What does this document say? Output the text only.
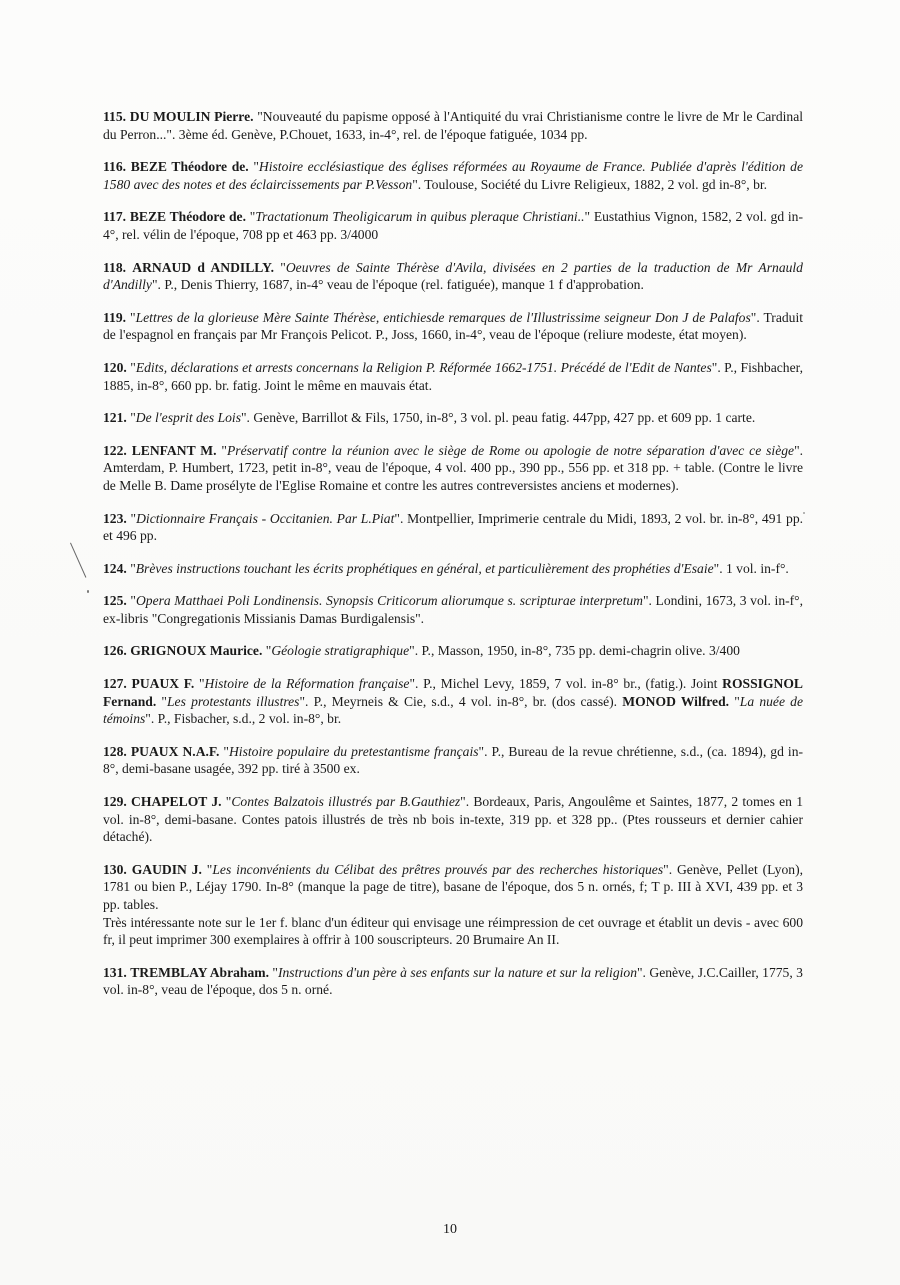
115. DU MOULIN Pierre. "Nouveauté du papisme opposé à l'Antiquité du vrai Christianisme contre le livre de Mr le Cardinal du Perron...". 3ème éd. Genève, P.Chouet, 1633, in-4°, rel. de l'époque fatiguée, 1034 pp.

116. BEZE Théodore de. "Histoire ecclésiastique des églises réformées au Royaume de France. Publiée d'après l'édition de 1580 avec des notes et des éclaircissements par P.Vesson". Toulouse, Société du Livre Religieux, 1882, 2 vol. gd in-8°, br.

117. BEZE Théodore de. "Tractationum Theoligicarum in quibus pleraque Christiani.." Eustathius Vignon, 1582, 2 vol. gd in-4°, rel. vélin de l'époque, 708 pp et 463 pp. 3/4000

118. ARNAUD d ANDILLY. "Oeuvres de Sainte Thérèse d'Avila, divisées en 2 parties de la traduction de Mr Arnauld d'Andilly". P., Denis Thierry, 1687, in-4° veau de l'époque (rel. fatiguée), manque 1 f d'approbation.

119. "Lettres de la glorieuse Mère Sainte Thérèse, entichiesde remarques de l'Illustrissime seigneur Don J de Palafos". Traduit de l'espagnol en français par Mr François Pelicot. P., Joss, 1660, in-4°, veau de l'époque (reliure modeste, état moyen).

120. "Edits, déclarations et arrests concernans la Religion P. Réformée 1662-1751. Précédé de l'Edit de Nantes". P., Fishbacher, 1885, in-8°, 660 pp. br. fatig. Joint le même en mauvais état.

121. "De l'esprit des Lois". Genève, Barrillot & Fils, 1750, in-8°, 3 vol. pl. peau fatig. 447pp, 427 pp. et 609 pp. 1 carte.

122. LENFANT M. "Préservatif contre la réunion avec le siège de Rome ou apologie de notre séparation d'avec ce siège". Amterdam, P. Humbert, 1723, petit in-8°, veau de l'époque, 4 vol. 400 pp., 390 pp., 556 pp. et 318 pp. + table. (Contre le livre de Melle B. Dame prosélyte de l'Eglise Romaine et contre les autres contreversistes anciens et modernes).

123. "Dictionnaire Français - Occitanien. Par L.Piat". Montpellier, Imprimerie centrale du Midi, 1893, 2 vol. br. in-8°, 491 pp. et 496 pp.

124. "Brèves instructions touchant les écrits prophétiques en général, et particulièrement des prophéties d'Esaie". 1 vol. in-f°.

125. "Opera Matthaei Poli Londinensis. Synopsis Criticorum aliorumque s. scripturae interpretum". Londini, 1673, 3 vol. in-f°, ex-libris "Congregationis Missianis Damas Burdigalensis".

126. GRIGNOUX Maurice. "Géologie stratigraphique". P., Masson, 1950, in-8°, 735 pp. demi-chagrin olive. 3/400

127. PUAUX F. "Histoire de la Réformation française". P., Michel Levy, 1859, 7 vol. in-8° br., (fatig.). Joint ROSSIGNOL Fernand. "Les protestants illustres". P., Meyrneis & Cie, s.d., 4 vol. in-8°, br. (dos cassé). MONOD Wilfred. "La nuée de témoins". P., Fisbacher, s.d., 2 vol. in-8°, br.

128. PUAUX N.A.F. "Histoire populaire du pretestantisme français". P., Bureau de la revue chrétienne, s.d., (ca. 1894), gd in-8°, demi-basane usagée, 392 pp. tiré à 3500 ex.

129. CHAPELOT J. "Contes Balzatois illustrés par B.Gauthiez". Bordeaux, Paris, Angoulême et Saintes, 1877, 2 tomes en 1 vol. in-8°, demi-basane. Contes patois illustrés de très nb bois in-texte, 319 pp. et 328 pp.. (Ptes rousseurs et dernier cahier détaché).

130. GAUDIN J. "Les inconvénients du Célibat des prêtres prouvés par des recherches historiques". Genève, Pellet (Lyon), 1781 ou bien P., Léjay 1790. In-8° (manque la page de titre), basane de l'époque, dos 5 n. ornés, f; T p. III à XVI, 439 pp. et 3 pp. tables.
Très intéressante note sur le 1er f. blanc d'un éditeur qui envisage une réimpression de cet ouvrage et établit un devis - avec 600 fr, il peut imprimer 300 exemplaires à offrir à 100 souscripteurs. 20 Brumaire An II.

131. TREMBLAY Abraham. "Instructions d'un père à ses enfants sur la nature et sur la religion". Genève, J.C.Cailler, 1775, 3 vol. in-8°, veau de l'époque, dos 5 n. orné.

10
